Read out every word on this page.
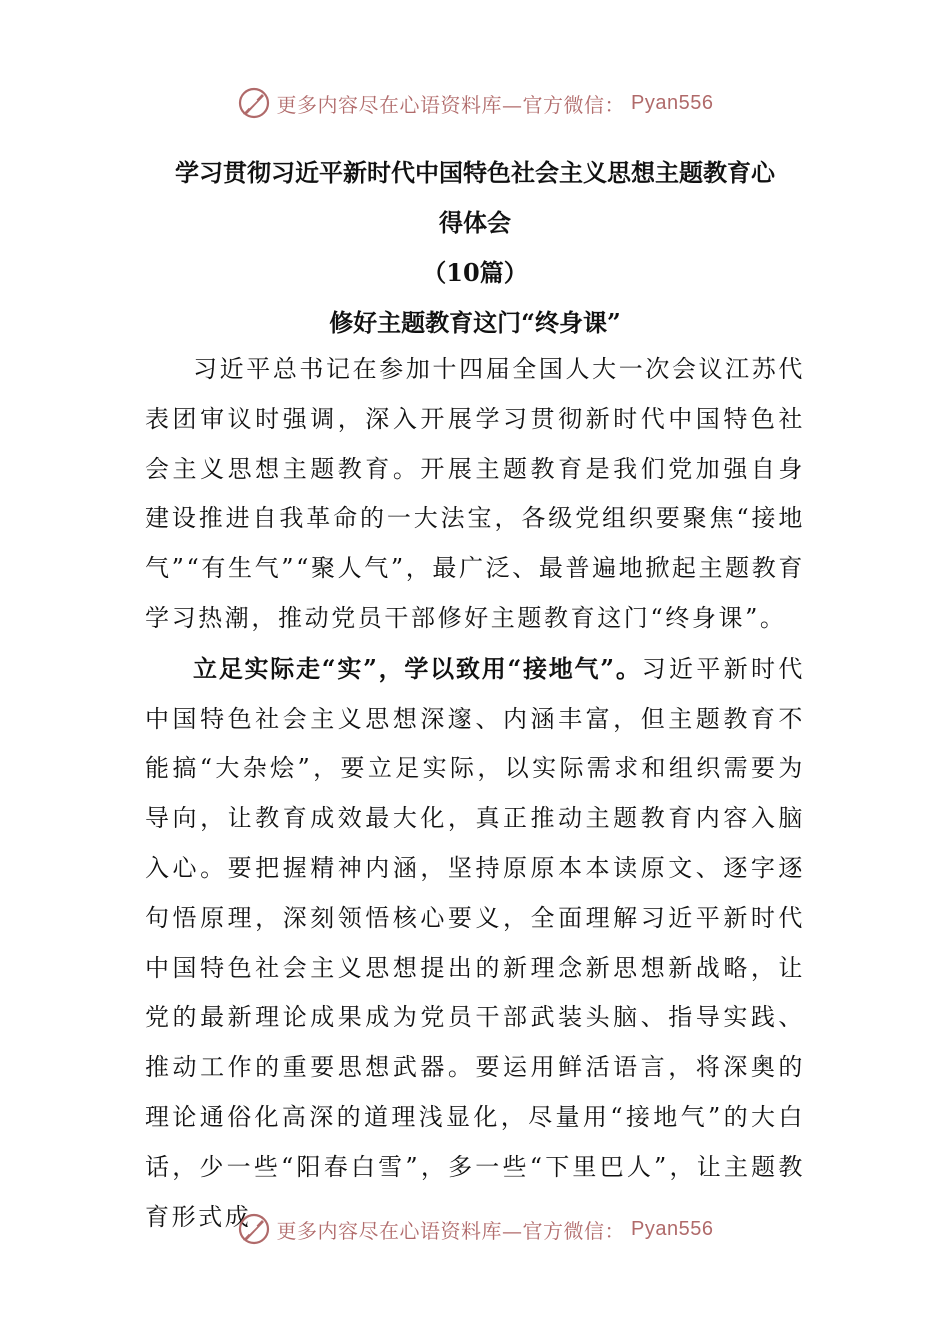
更多内容尽在心语资料库—官方微信： Pyan556
学习贯彻习近平新时代中国特色社会主义思想主题教育心
得体会
（10篇）
修好主题教育这门“终身课”

习近平总书记在参加十四届全国人大一次会议江苏代表团审议时强调，深入开展学习贯彻新时代中国特色社会主义思想主题教育。开展主题教育是我们党加强自身建设推进自我革命的一大法宝，各级党组织要聚焦“接地气”“有生气”“聚人气”，最广泛、最普遍地掀起主题教育学习热潮，推动党员干部修好主题教育这门“终身课”。

立足实际走“实”，学以致用“接地气”。习近平新时代中国特色社会主义思想深邃、内涵丰富，但主题教育不能搞“大杂烩”，要立足实际，以实际需求和组织需要为导向，让教育成效最大化，真正推动主题教育内容入脑入心。要把握精神内涵，坚持原原本本读原文、逐字逐句悟原理，深刻领悟核心要义，全面理解习近平新时代中国特色社会主义思想提出的新理念新思想新战略，让党的最新理论成果成为党员干部武装头脑、指导实践、推动工作的重要思想武器。要运用鲜活语言，将深奥的理论通俗化高深的道理浅显化，尽量用“接地气”的大白话，少一些“阳春白雪”，多一些“下里巴人”，让主题教育形式成	更多内容尽在心语资料库—官方微信： Pyan556
